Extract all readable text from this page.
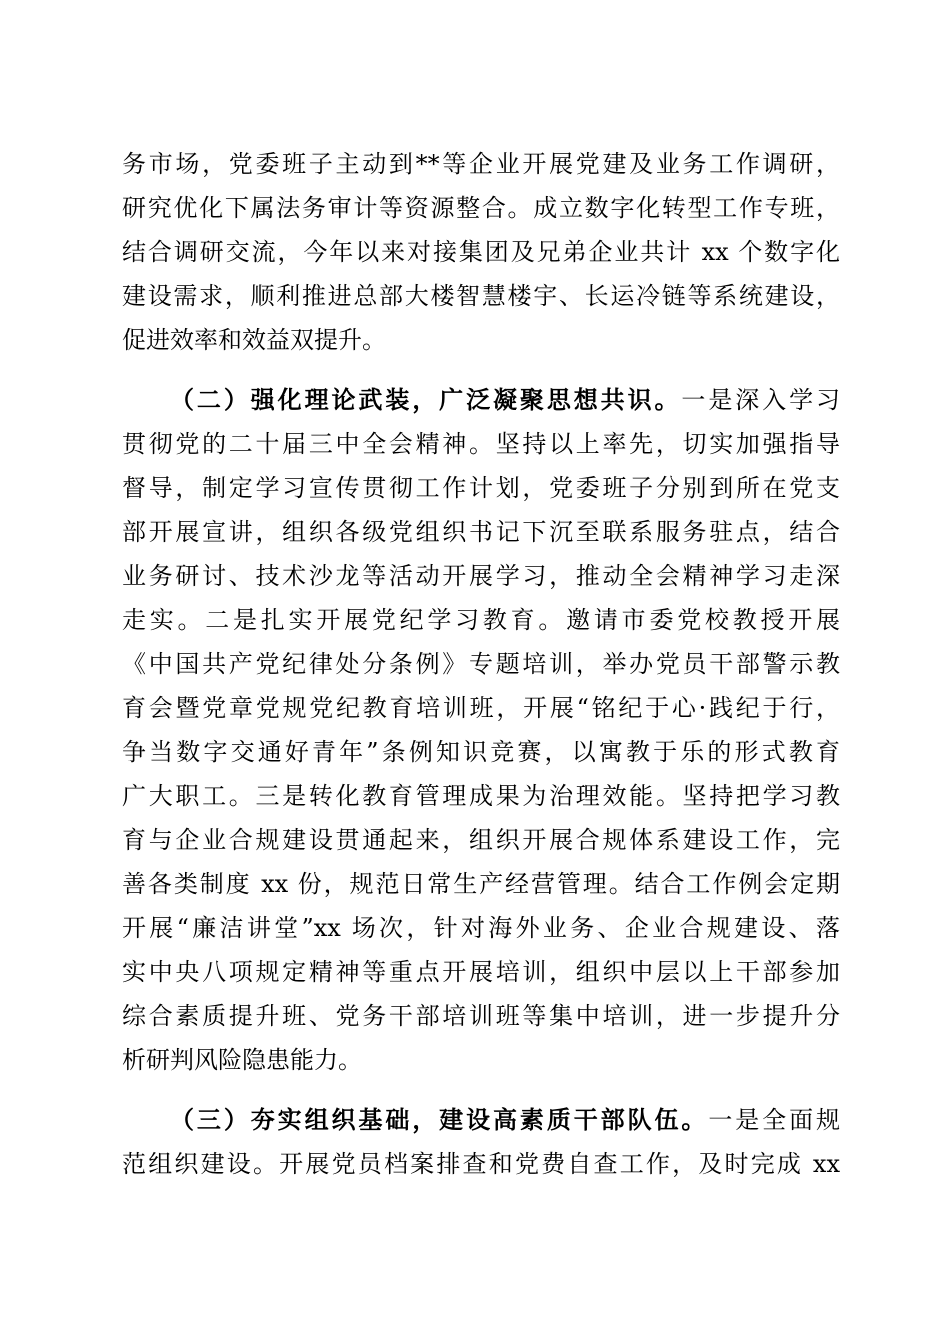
务市场，党委班子主动到**等企业开展党建及业务工作调研，
研究优化下属法务审计等资源整合。成立数字化转型工作专班，
结合调研交流，今年以来对接集团及兄弟企业共计 xx 个数字化
建设需求，顺利推进总部大楼智慧楼宇、长运冷链等系统建设，
促进效率和效益双提升。
（二）强化理论武装，广泛凝聚思想共识。一是深入学习
贯彻党的二十届三中全会精神。坚持以上率先，切实加强指导
督导，制定学习宣传贯彻工作计划，党委班子分别到所在党支
部开展宣讲，组织各级党组织书记下沉至联系服务驻点，结合
业务研讨、技术沙龙等活动开展学习，推动全会精神学习走深
走实。二是扎实开展党纪学习教育。邀请市委党校教授开展
《中国共产党纪律处分条例》专题培训，举办党员干部警示教
育会暨党章党规党纪教育培训班，开展“铭纪于心·践纪于行，
争当数字交通好青年”条例知识竞赛，以寓教于乐的形式教育
广大职工。三是转化教育管理成果为治理效能。坚持把学习教
育与企业合规建设贯通起来，组织开展合规体系建设工作，完
善各类制度 xx 份，规范日常生产经营管理。结合工作例会定期
开展“廉洁讲堂”xx 场次，针对海外业务、企业合规建设、落
实中央八项规定精神等重点开展培训，组织中层以上干部参加
综合素质提升班、党务干部培训班等集中培训，进一步提升分
析研判风险隐患能力。
（三）夯实组织基础，建设高素质干部队伍。一是全面规
范组织建设。开展党员档案排查和党费自查工作，及时完成 xx
